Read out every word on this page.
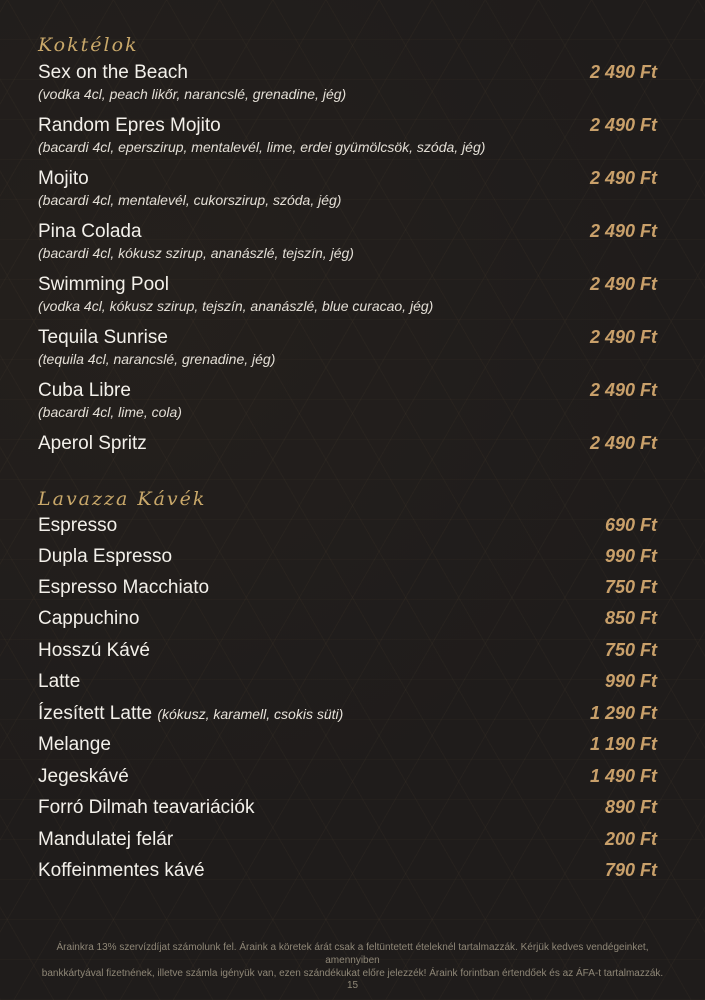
Koktélok
Sex on the Beach
(vodka 4cl, peach likőr, narancslé, grenadine, jég)
2 490 Ft
Random Epres Mojito
(bacardi 4cl, eperszirup, mentalevél, lime, erdei gyümölcsök, szóda, jég)
2 490 Ft
Mojito
(bacardi 4cl, mentalevél, cukorszirup, szóda, jég)
2 490 Ft
Pina Colada
(bacardi 4cl, kókusz szirup, ananászlé, tejszín, jég)
2 490 Ft
Swimming Pool
(vodka 4cl, kókusz szirup, tejszín, ananászlé, blue curacao, jég)
2 490 Ft
Tequila Sunrise
(tequila 4cl, narancslé, grenadine, jég)
2 490 Ft
Cuba Libre
(bacardi 4cl, lime, cola)
2 490 Ft
Aperol Spritz	2 490 Ft
Lavazza Kávék
Espresso	690 Ft
Dupla Espresso	990 Ft
Espresso Macchiato	750 Ft
Cappuchino	850 Ft
Hosszú Kávé	750 Ft
Latte	990 Ft
Ízesített Latte (kókusz, karamell, csokis süti)	1 290 Ft
Melange	1 190 Ft
Jegeskávé	1 490 Ft
Forró Dilmah teavariációk	890 Ft
Mandulatej felár	200 Ft
Koffeinmentes kávé	790 Ft
Árainkra 13% szervízdíjat számolunk fel. Áraink a köretek árát csak a feltüntetett ételeknél tartalmazzák. Kérjük kedves vendégeinket, amennyiben
bankkártyával fizetnének, illetve számla igényük van, ezen szándékukat előre jelezzék! Áraink forintban értendőek és az ÁFA-t tartalmazzák.
15
